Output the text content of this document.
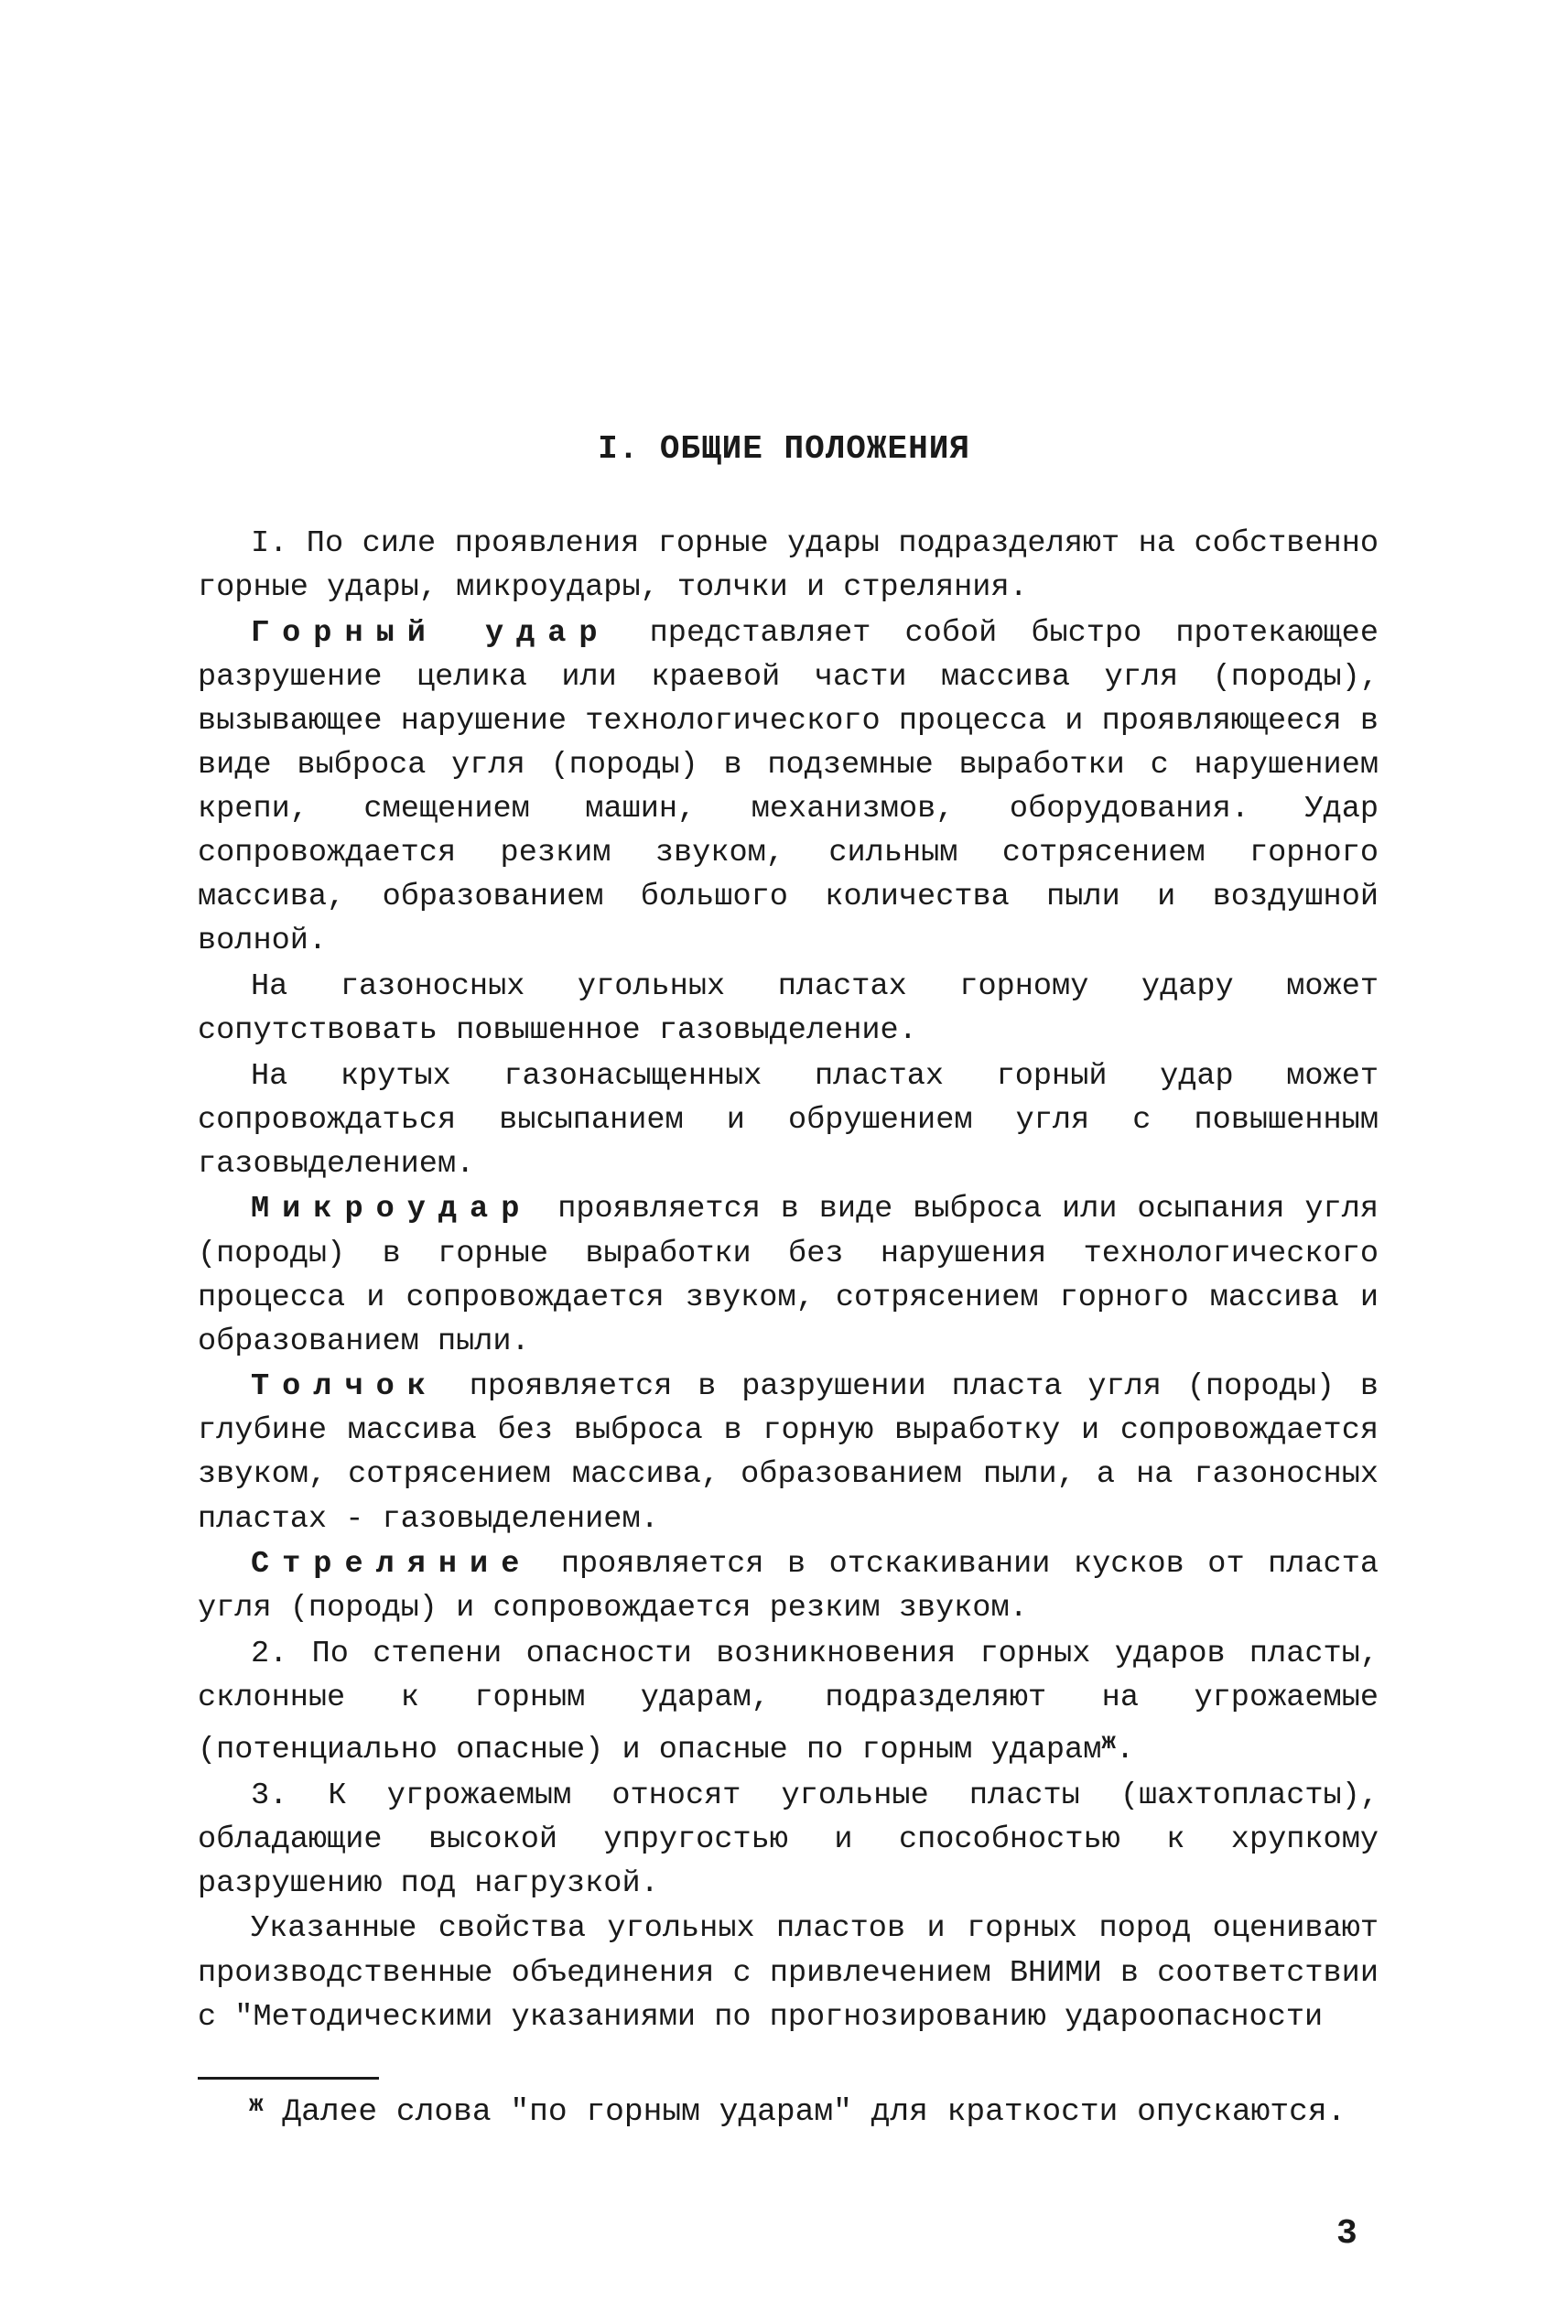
I. ОБЩИЕ ПОЛОЖЕНИЯ

I. По силе проявления горные удары подразделяют на собственно горные удары, микроудары, толчки и стреляния.

Горный удар представляет собой быстро протекающее разрушение целика или краевой части массива угля (породы), вызывающее нарушение технологического процесса и проявляющееся в виде выброса угля (породы) в подземные выработки с нарушением крепи, смещением машин, механизмов, оборудования. Удар сопровождается резким звуком, сильным сотрясением горного массива, образованием большого количества пыли и воздушной волной.

На газоносных угольных пластах горному удару может сопутствовать повышенное газовыделение.

На крутых газонасыщенных пластах горный удар может сопровождаться высыпанием и обрушением угля с повышенным газовыделением.

Микроудар проявляется в виде выброса или осыпания угля (породы) в горные выработки без нарушения технологического процесса и сопровождается звуком, сотрясением горного массива и образованием пыли.

Толчок проявляется в разрушении пласта угля (породы) в глубине массива без выброса в горную выработку и сопровождается звуком, сотрясением массива, образованием пыли, а на газоносных пластах - газовыделением.

Стреляние проявляется в отскакивании кусков от пласта угля (породы) и сопровождается резким звуком.

2. По степени опасности возникновения горных ударов пласты, склонные к горным ударам, подразделяют на угрожаемые (потенциально опасные) и опасные по горным ударам$^ж$.

3. К угрожаемым относят угольные пласты (шахтопласты), обладающие высокой упругостью и способностью к хрупкому разрушению под нагрузкой.

Указанные свойства угольных пластов и горных пород оценивают производственные объединения с привлечением ВНИМИ в соответствии с "Методическими указаниями по прогнозированию удароопасности

$^ж$ Далее слова "по горным ударам" для краткости опускаются.
3
